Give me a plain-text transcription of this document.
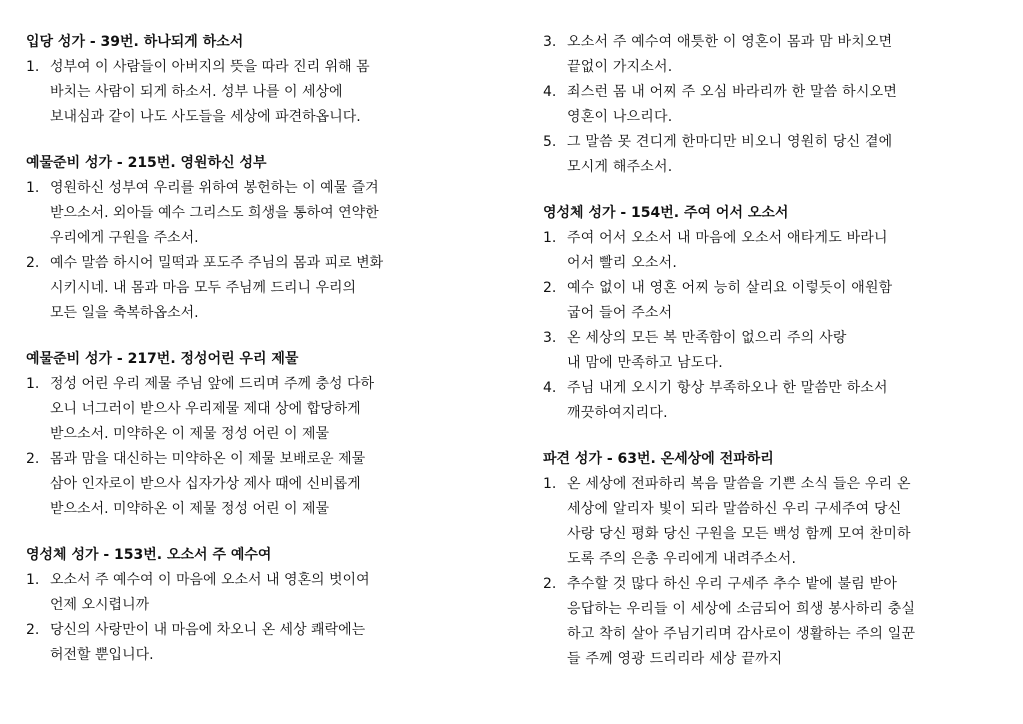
입당 성가 - 39번. 하나되게 하소서
1. 성부여 이 사람들이 아버지의 뜻을 따라 진리 위해 몸
바치는 사람이 되게 하소서. 성부 나를 이 세상에
보내심과 같이 나도 사도들을 세상에 파견하옵니다.
예물준비 성가 - 215번. 영원하신 성부
1. 영원하신 성부여 우리를 위하여 봉헌하는 이 예물 즐겨
받으소서. 외아들 예수 그리스도 희생을 통하여 연약한
우리에게 구원을 주소서.
2. 예수 말씀 하시어 밀떡과 포도주 주님의 몸과 피로 변화
시키시네. 내 몸과 마음 모두 주님께 드리니 우리의
모든 일을 축복하옵소서.
예물준비 성가 - 217번. 정성어린 우리 제물
1. 정성 어린 우리 제물 주님 앞에 드리며 주께 충성 다하
오니 너그러이 받으사 우리제물 제대 상에 합당하게
받으소서. 미약하온 이 제물 정성 어린 이 제물
2. 몸과 맘을 대신하는 미약하온 이 제물 보배로운 제물
삼아 인자로이 받으사 십자가상 제사 때에 신비롭게
받으소서. 미약하온 이 제물 정성 어린 이 제물
영성체 성가 - 153번. 오소서 주 예수여
1. 오소서 주 예수여 이 마음에 오소서 내 영혼의 벗이여
언제 오시렵니까
2. 당신의 사랑만이 내 마음에 차오니 온 세상 쾌락에는
허전할 뿐입니다.
3. 오소서 주 예수여 애틋한 이 영혼이 몸과 맘 바치오면
끝없이 가지소서.
4. 죄스런 몸 내 어찌 주 오심 바라리까 한 말씀 하시오면
영혼이 나으리다.
5. 그 말씀 못 견디게 한마디만 비오니 영원히 당신 곁에
모시게 해주소서.
영성체 성가 - 154번. 주여 어서 오소서
1. 주여 어서 오소서 내 마음에 오소서 애타게도 바라니
어서 빨리 오소서.
2. 예수 없이 내 영혼 어찌 능히 살리요 이렇듯이 애원함
굽어 들어 주소서
3. 온 세상의 모든 복 만족함이 없으리 주의 사랑
내 맘에 만족하고 남도다.
4. 주님 내게 오시기 항상 부족하오나 한 말씀만 하소서
깨끗하여지리다.
파견 성가 - 63번. 온세상에 전파하리
1. 온 세상에 전파하리 복음 말씀을 기쁜 소식 들은 우리 온
세상에 알리자 빛이 되라 말씀하신 우리 구세주여 당신
사랑 당신 평화 당신 구원을 모든 백성 함께 모여 찬미하
도록 주의 은총 우리에게 내려주소서.
2. 추수할 것 많다 하신 우리 구세주 추수 밭에 불림 받아
응답하는 우리들 이 세상에 소금되어 희생 봉사하리 충실
하고 착히 살아 주님기리며 감사로이 생활하는 주의 일꾼
들 주께 영광 드리리라 세상 끝까지
